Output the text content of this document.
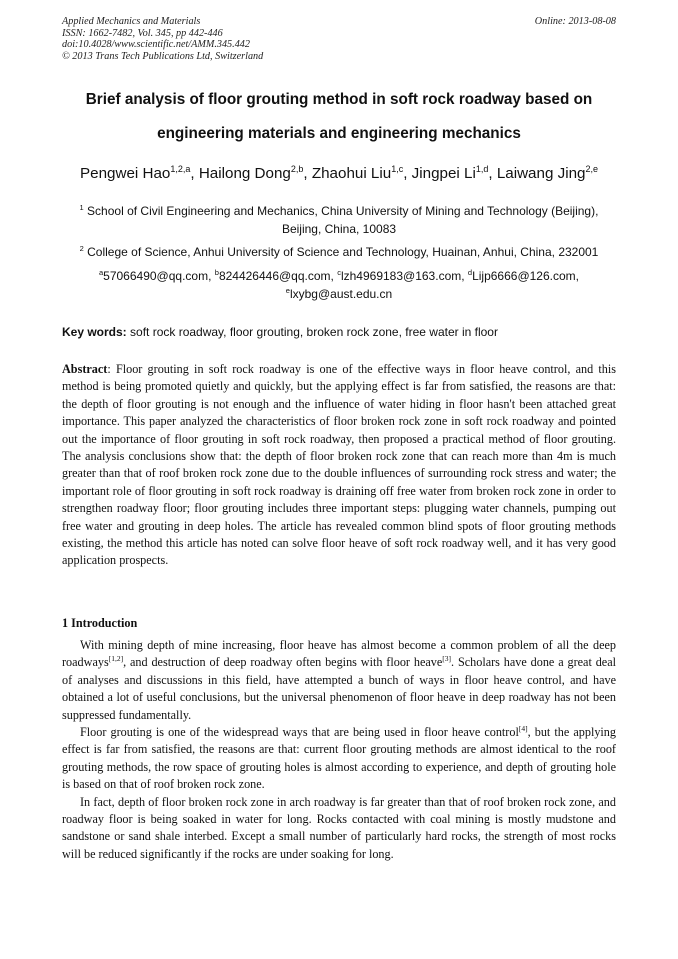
Applied Mechanics and Materials
ISSN: 1662-7482, Vol. 345, pp 442-446
doi:10.4028/www.scientific.net/AMM.345.442
© 2013 Trans Tech Publications Ltd, Switzerland
Online: 2013-08-08
Brief analysis of floor grouting method in soft rock roadway based on
engineering materials and engineering mechanics
Pengwei Hao$^{1,2,a}$, Hailong Dong$^{2,b}$, Zhaohui Liu$^{1,c}$, Jingpei Li$^{1,d}$, Laiwang Jing$^{2,e}$
$^1$ School of Civil Engineering and Mechanics, China University of Mining and Technology (Beijing),
Beijing, China, 10083
$^2$ College of Science, Anhui University of Science and Technology, Huainan, Anhui, China, 232001
$^a$57066490@qq.com, $^b$824426446@qq.com, $^c$lzh4969183@163.com, $^d$Lijp6666@126.com,
$^e$lxybg@aust.edu.cn
Key words: soft rock roadway, floor grouting, broken rock zone, free water in floor
Abstract: Floor grouting in soft rock roadway is one of the effective ways in floor heave control, and this method is being promoted quietly and quickly, but the applying effect is far from satisfied, the reasons are that: the depth of floor grouting is not enough and the influence of water hiding in floor hasn't been attached great importance. This paper analyzed the characteristics of floor broken rock zone in soft rock roadway and pointed out the importance of floor grouting in soft rock roadway, then proposed a practical method of floor grouting. The analysis conclusions show that: the depth of floor broken rock zone that can reach more than 4m is much greater than that of roof broken rock zone due to the double influences of surrounding rock stress and water; the important role of floor grouting in soft rock roadway is draining off free water from broken rock zone in order to strengthen roadway floor; floor grouting includes three important steps: plugging water channels, pumping out free water and grouting in deep holes. The article has revealed common blind spots of floor grouting methods existing, the method this article has noted can solve floor heave of soft rock roadway well, and it has very good application prospects.
1 Introduction

With mining depth of mine increasing, floor heave has almost become a common problem of all the deep roadways[1,2], and destruction of deep roadway often begins with floor heave[3]. Scholars have done a great deal of analyses and discussions in this field, have attempted a bunch of ways in floor heave control, and have obtained a lot of useful conclusions, but the universal phenomenon of floor heave in deep roadway has not been suppressed fundamentally.

Floor grouting is one of the widespread ways that are being used in floor heave control[4], but the applying effect is far from satisfied, the reasons are that: current floor grouting methods are almost identical to the roof grouting methods, the row space of grouting holes is almost according to experience, and depth of grouting hole is based on that of roof broken rock zone.

In fact, depth of floor broken rock zone in arch roadway is far greater than that of roof broken rock zone, and roadway floor is being soaked in water for long. Rocks contacted with coal mining is mostly mudstone and sandstone or sand shale interbed. Except a small number of particularly hard rocks, the strength of most rocks will be reduced significantly if the rocks are under soaking for long.
